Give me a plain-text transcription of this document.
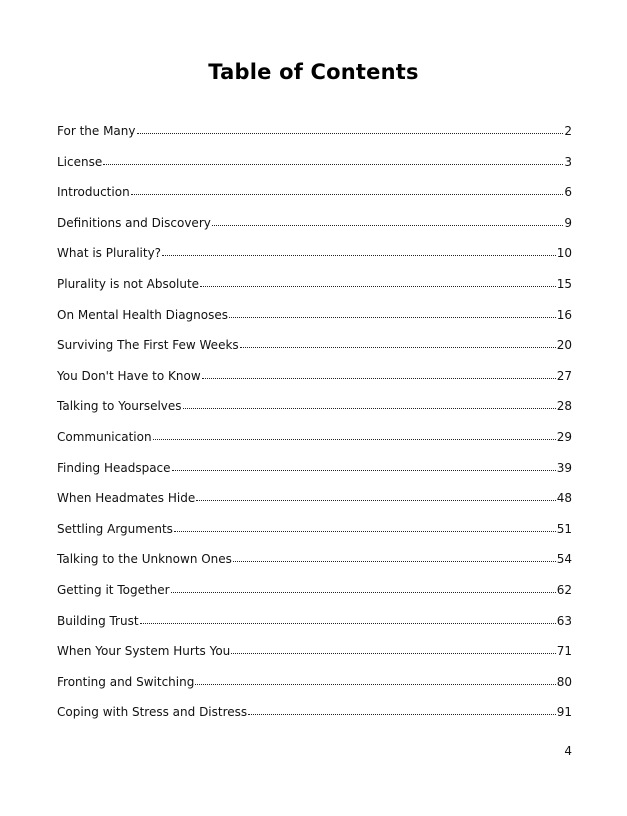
Table of Contents
For the Many	2
License	3
Introduction	6
Definitions and Discovery	9
What is Plurality?	10
Plurality is not Absolute	15
On Mental Health Diagnoses	16
Surviving The First Few Weeks	20
You Don't Have to Know	27
Talking to Yourselves	28
Communication	29
Finding Headspace	39
When Headmates Hide	48
Settling Arguments	51
Talking to the Unknown Ones	54
Getting it Together	62
Building Trust	63
When Your System Hurts You	71
Fronting and Switching	80
Coping with Stress and Distress	91
4
